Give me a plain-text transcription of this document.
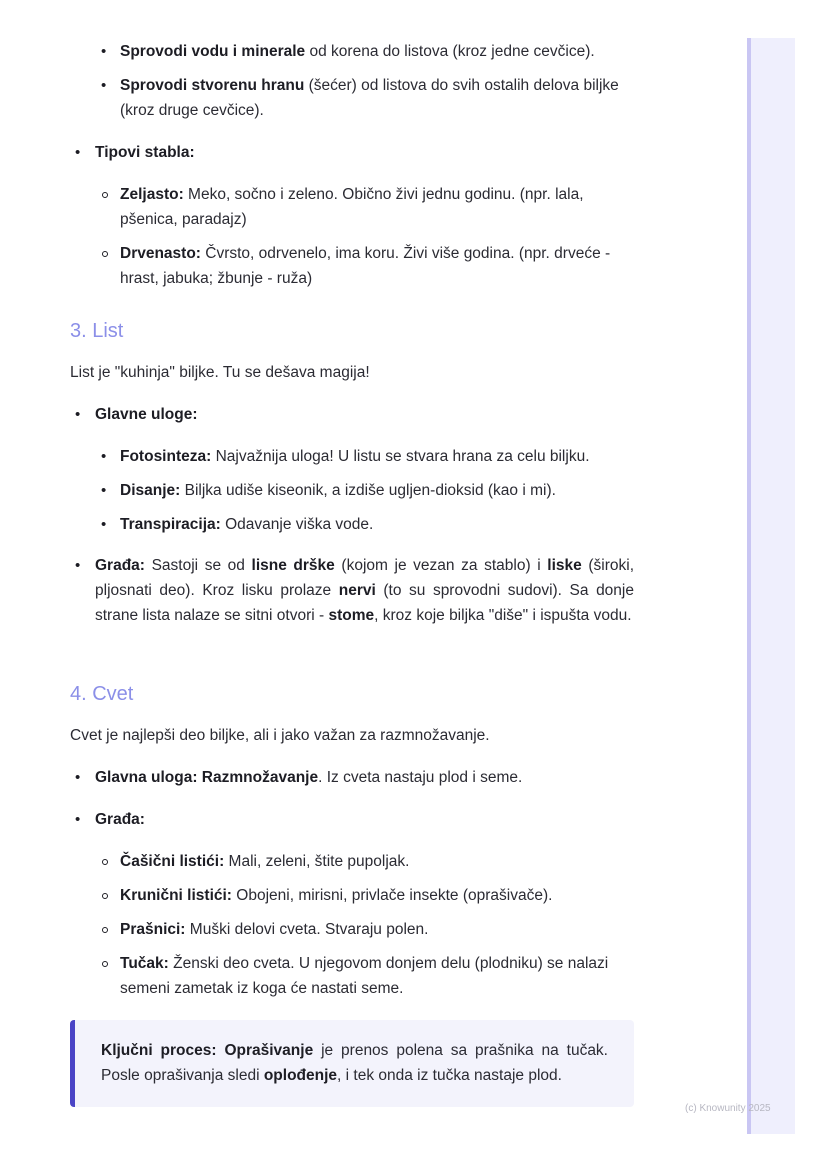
• Sprovodi vodu i minerale od korena do listova (kroz jedne cevčice).
• Sprovodi stvorenu hranu (šećer) od listova do svih ostalih delova biljke (kroz druge cevčice).
• Tipovi stabla:
Zeljasto: Meko, sočno i zeleno. Obično živi jednu godinu. (npr. lala, pšenica, paradajz)
Drvenasto: Čvrsto, odrvenelo, ima koru. Živi više godina. (npr. drveće - hrast, jabuka; žbunje - ruža)
3. List

List je "kuhinja" biljke. Tu se dešava magija!

• Glavne uloge:
• Fotosinteza: Najvažnija uloga! U listu se stvara hrana za celu biljku.
• Disanje: Biljka udiše kiseonik, a izdiše ugljen-dioksid (kao i mi).
• Transpiracija: Odavanje viška vode.
• Građa: Sastoji se od lisne drške (kojom je vezan za stablo) i liske (široki, pljosnati deo). Kroz lisku prolaze nervi (to su sprovodni sudovi). Sa donje strane lista nalaze se sitni otvori - stome, kroz koje biljka "diše" i ispušta vodu.
4. Cvet

Cvet je najlepši deo biljke, ali i jako važan za razmnožavanje.

• Glavna uloga: Razmnožavanje. Iz cveta nastaju plod i seme.
• Građa:
Čašični listići: Mali, zeleni, štite pupoljak.
Krunični listići: Obojeni, mirisni, privlače insekte (oprašivače).
Prašnici: Muški delovi cveta. Stvaraju polen.
Tučak: Ženski deo cveta. U njegovom donjem delu (plodniku) se nalazi semeni zametak iz koga će nastati seme.

Ključni proces: Oprašivanje je prenos polena sa prašnika na tučak. Posle oprašivanja sledi oplođenje, i tek onda iz tučka nastaje plod.

(c) Knowunity 2025
